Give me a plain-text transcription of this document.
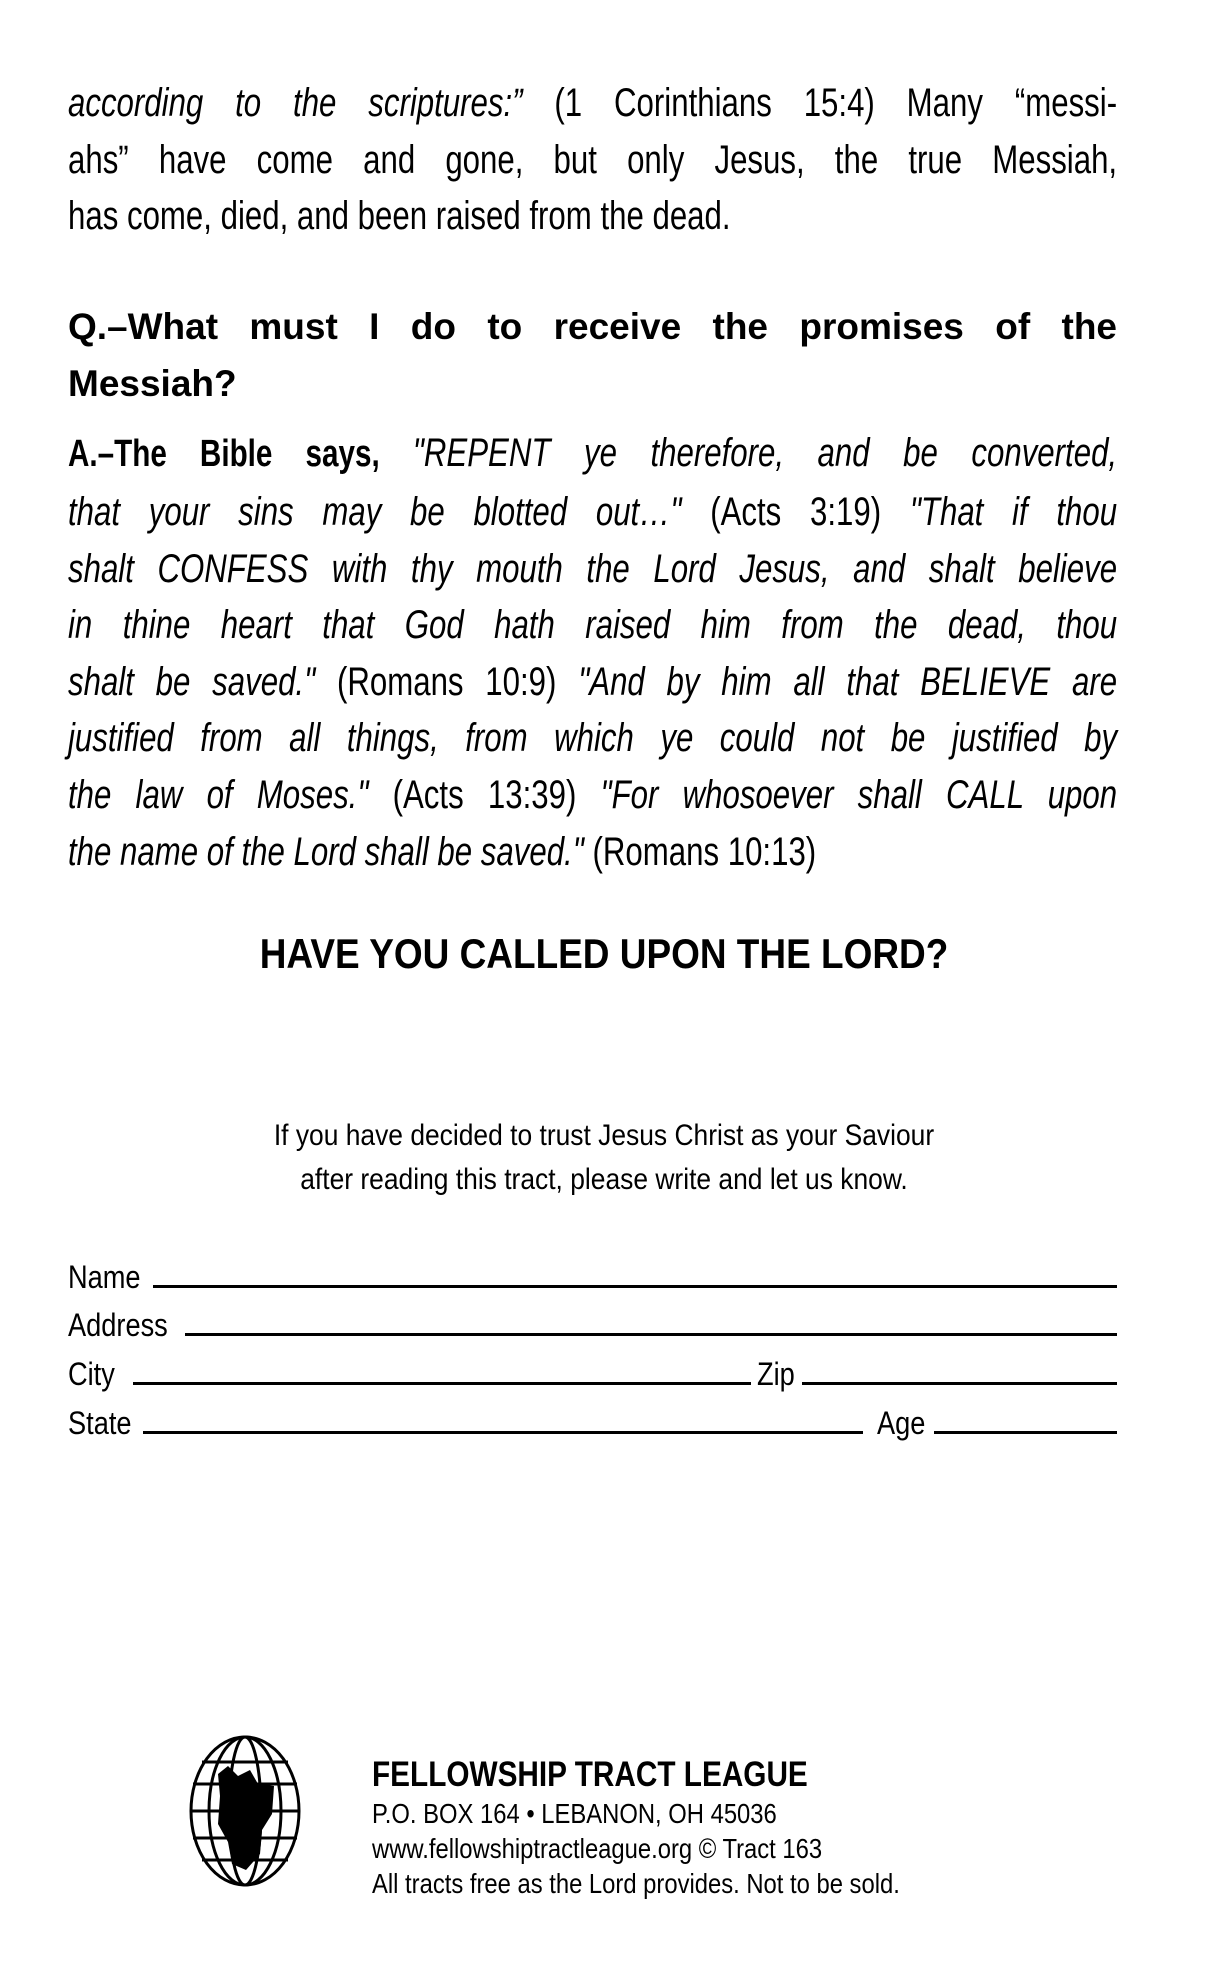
according to the scriptures:” (1 Corinthians 15:4) Many “messi-
ahs” have come and gone, but only Jesus, the true Messiah,
has come, died, and been raised from the dead.
Q.–What must I do to receive the promises of the
Messiah?
A.–The Bible says, "REPENT ye therefore, and be converted,
that your sins may be blotted out…" (Acts 3:19) "That if thou
shalt CONFESS with thy mouth the Lord Jesus, and shalt believe
in thine heart that God hath raised him from the dead, thou
shalt be saved." (Romans 10:9) "And by him all that BELIEVE are
justified from all things, from which ye could not be justified by
the law of Moses." (Acts 13:39) "For whosoever shall CALL upon
the name of the Lord shall be saved." (Romans 10:13)
HAVE YOU CALLED UPON THE LORD?
If you have decided to trust Jesus Christ as your Saviour
after reading this tract, please write and let us know.
Name
Address
City	Zip
State	Age
FELLOWSHIP TRACT LEAGUE
P.O. BOX 164 • LEBANON, OH 45036
www.fellowshiptractleague.org © Tract 163
All tracts free as the Lord provides. Not to be sold.
